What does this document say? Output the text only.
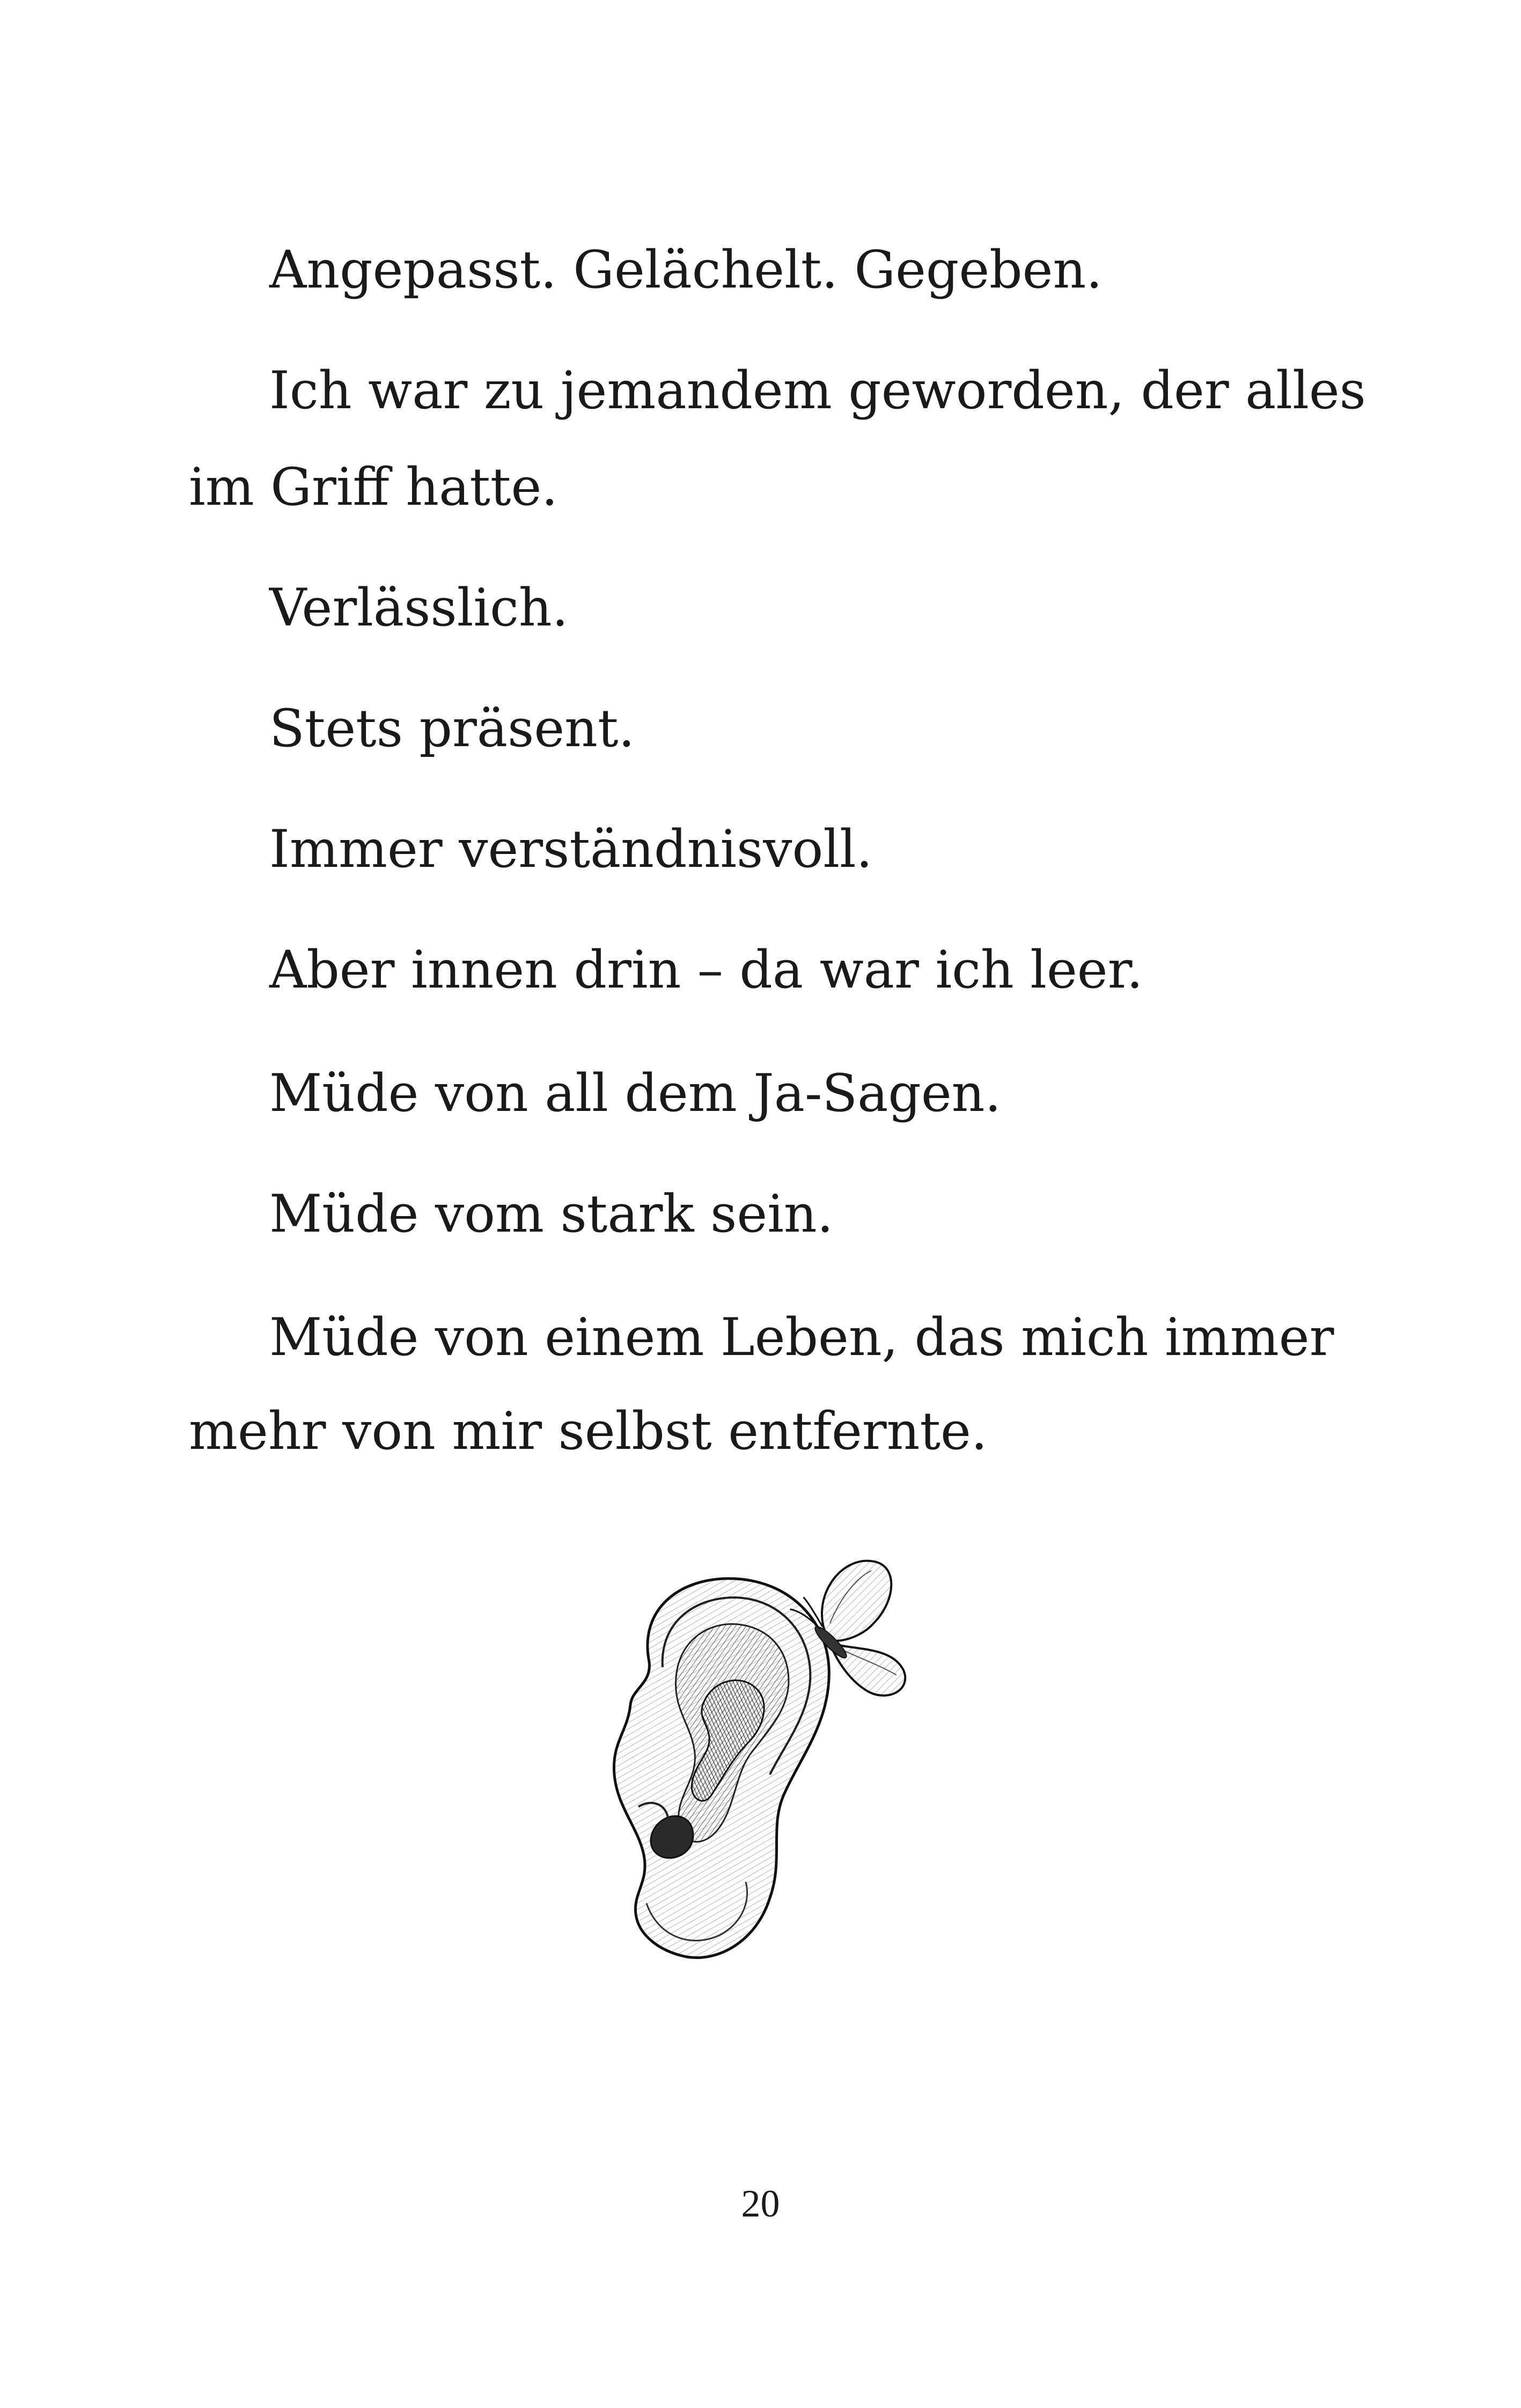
Angepasst. Gelächelt. Gegeben.

Ich war zu jemandem geworden, der alles

im Griff hatte.

Verlässlich.

Stets präsent.

Immer verständnisvoll.

Aber innen drin – da war ich leer.

Müde von all dem Ja-Sagen.

Müde vom stark sein.

Müde von einem Leben, das mich immer

mehr von mir selbst entfernte.

20
